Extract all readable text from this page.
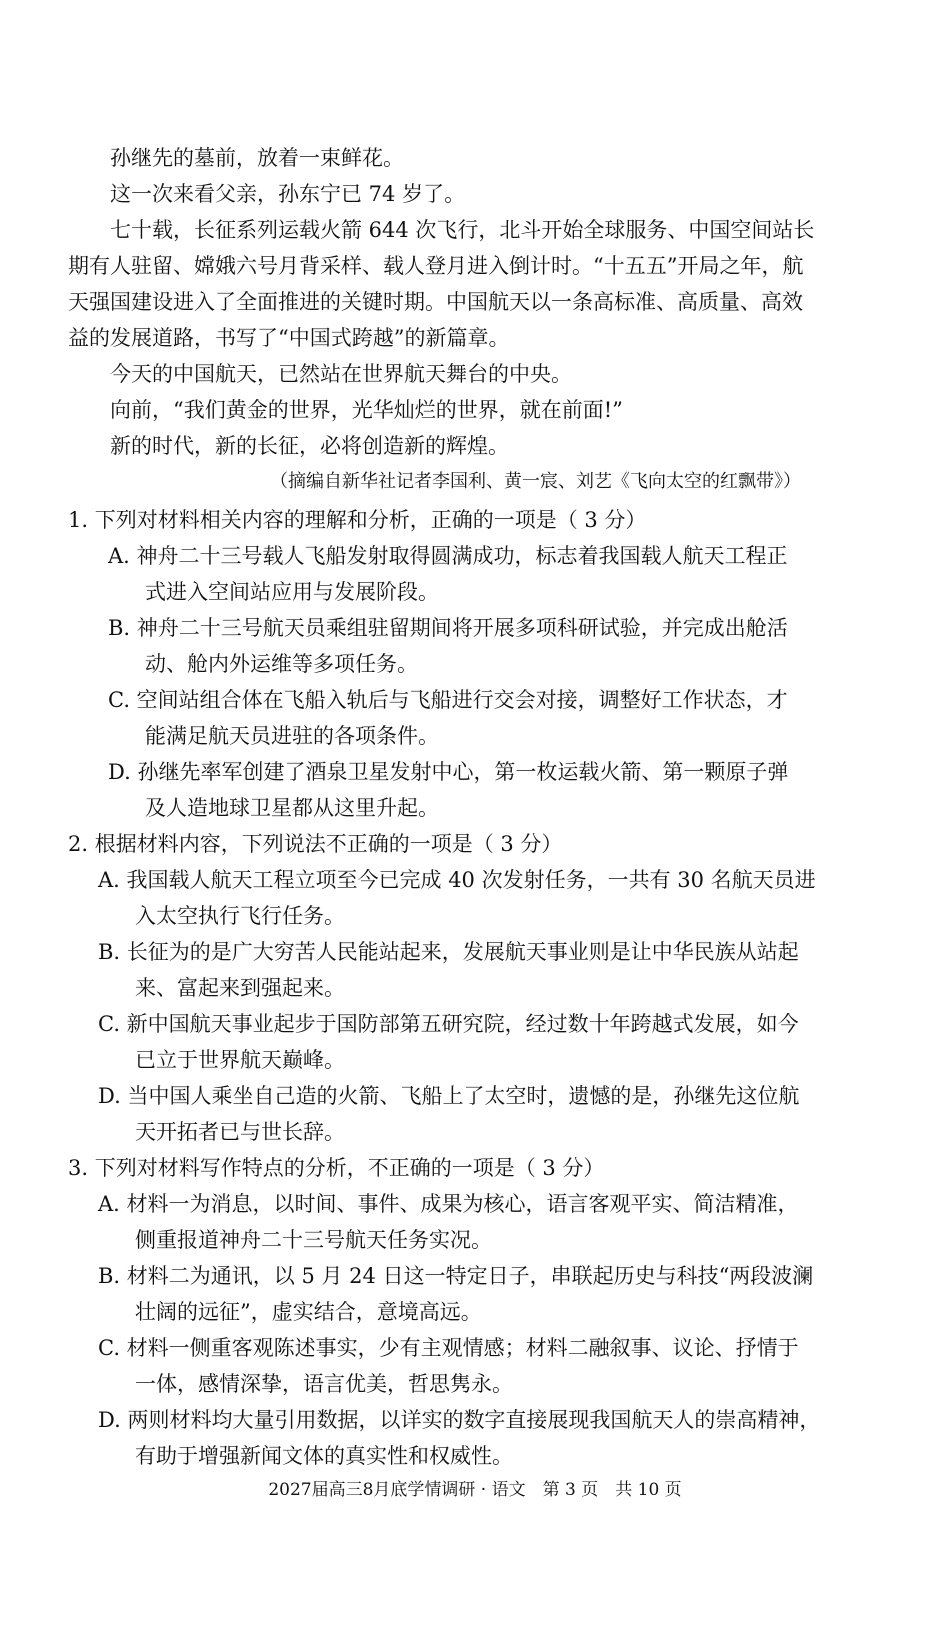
孙继先的墓前，放着一束鲜花。
这一次来看父亲，孙东宁已 74 岁了。
七十载，长征系列运载火箭 644 次飞行，北斗开始全球服务、中国空间站长
期有人驻留、嫦娥六号月背采样、载人登月进入倒计时。“十五五”开局之年，航
天强国建设进入了全面推进的关键时期。中国航天以一条高标准、高质量、高效
益的发展道路，书写了“中国式跨越”的新篇章。
今天的中国航天，已然站在世界航天舞台的中央。
向前，“我们黄金的世界，光华灿烂的世界，就在前面!”
新的时代，新的长征，必将创造新的辉煌。
（摘编自新华社记者李国利、黄一宸、刘艺《飞向太空的红飘带》）
1. 下列对材料相关内容的理解和分析，正确的一项是（ 3 分）
A. 神舟二十三号载人飞船发射取得圆满成功，标志着我国载人航天工程正
式进入空间站应用与发展阶段。
B. 神舟二十三号航天员乘组驻留期间将开展多项科研试验，并完成出舱活
动、舱内外运维等多项任务。
C. 空间站组合体在飞船入轨后与飞船进行交会对接，调整好工作状态，才
能满足航天员进驻的各项条件。
D. 孙继先率军创建了酒泉卫星发射中心，第一枚运载火箭、第一颗原子弹
及人造地球卫星都从这里升起。
2. 根据材料内容，下列说法不正确的一项是（ 3 分）
A. 我国载人航天工程立项至今已完成 40 次发射任务，一共有 30 名航天员进
入太空执行飞行任务。
B. 长征为的是广大穷苦人民能站起来，发展航天事业则是让中华民族从站起
来、富起来到强起来。
C. 新中国航天事业起步于国防部第五研究院，经过数十年跨越式发展，如今
已立于世界航天巅峰。
D. 当中国人乘坐自己造的火箭、飞船上了太空时，遗憾的是，孙继先这位航
天开拓者已与世长辞。
3. 下列对材料写作特点的分析，不正确的一项是（ 3 分）
A. 材料一为消息，以时间、事件、成果为核心，语言客观平实、简洁精准，
侧重报道神舟二十三号航天任务实况。
B. 材料二为通讯，以 5 月 24 日这一特定日子，串联起历史与科技“两段波澜
壮阔的远征”，虚实结合，意境高远。
C. 材料一侧重客观陈述事实，少有主观情感；材料二融叙事、议论、抒情于
一体，感情深挚，语言优美，哲思隽永。
D. 两则材料均大量引用数据，以详实的数字直接展现我国航天人的崇高精神，
有助于增强新闻文体的真实性和权威性。
2027届高三8月底学情调研 · 语文　第 3 页　共 10 页
